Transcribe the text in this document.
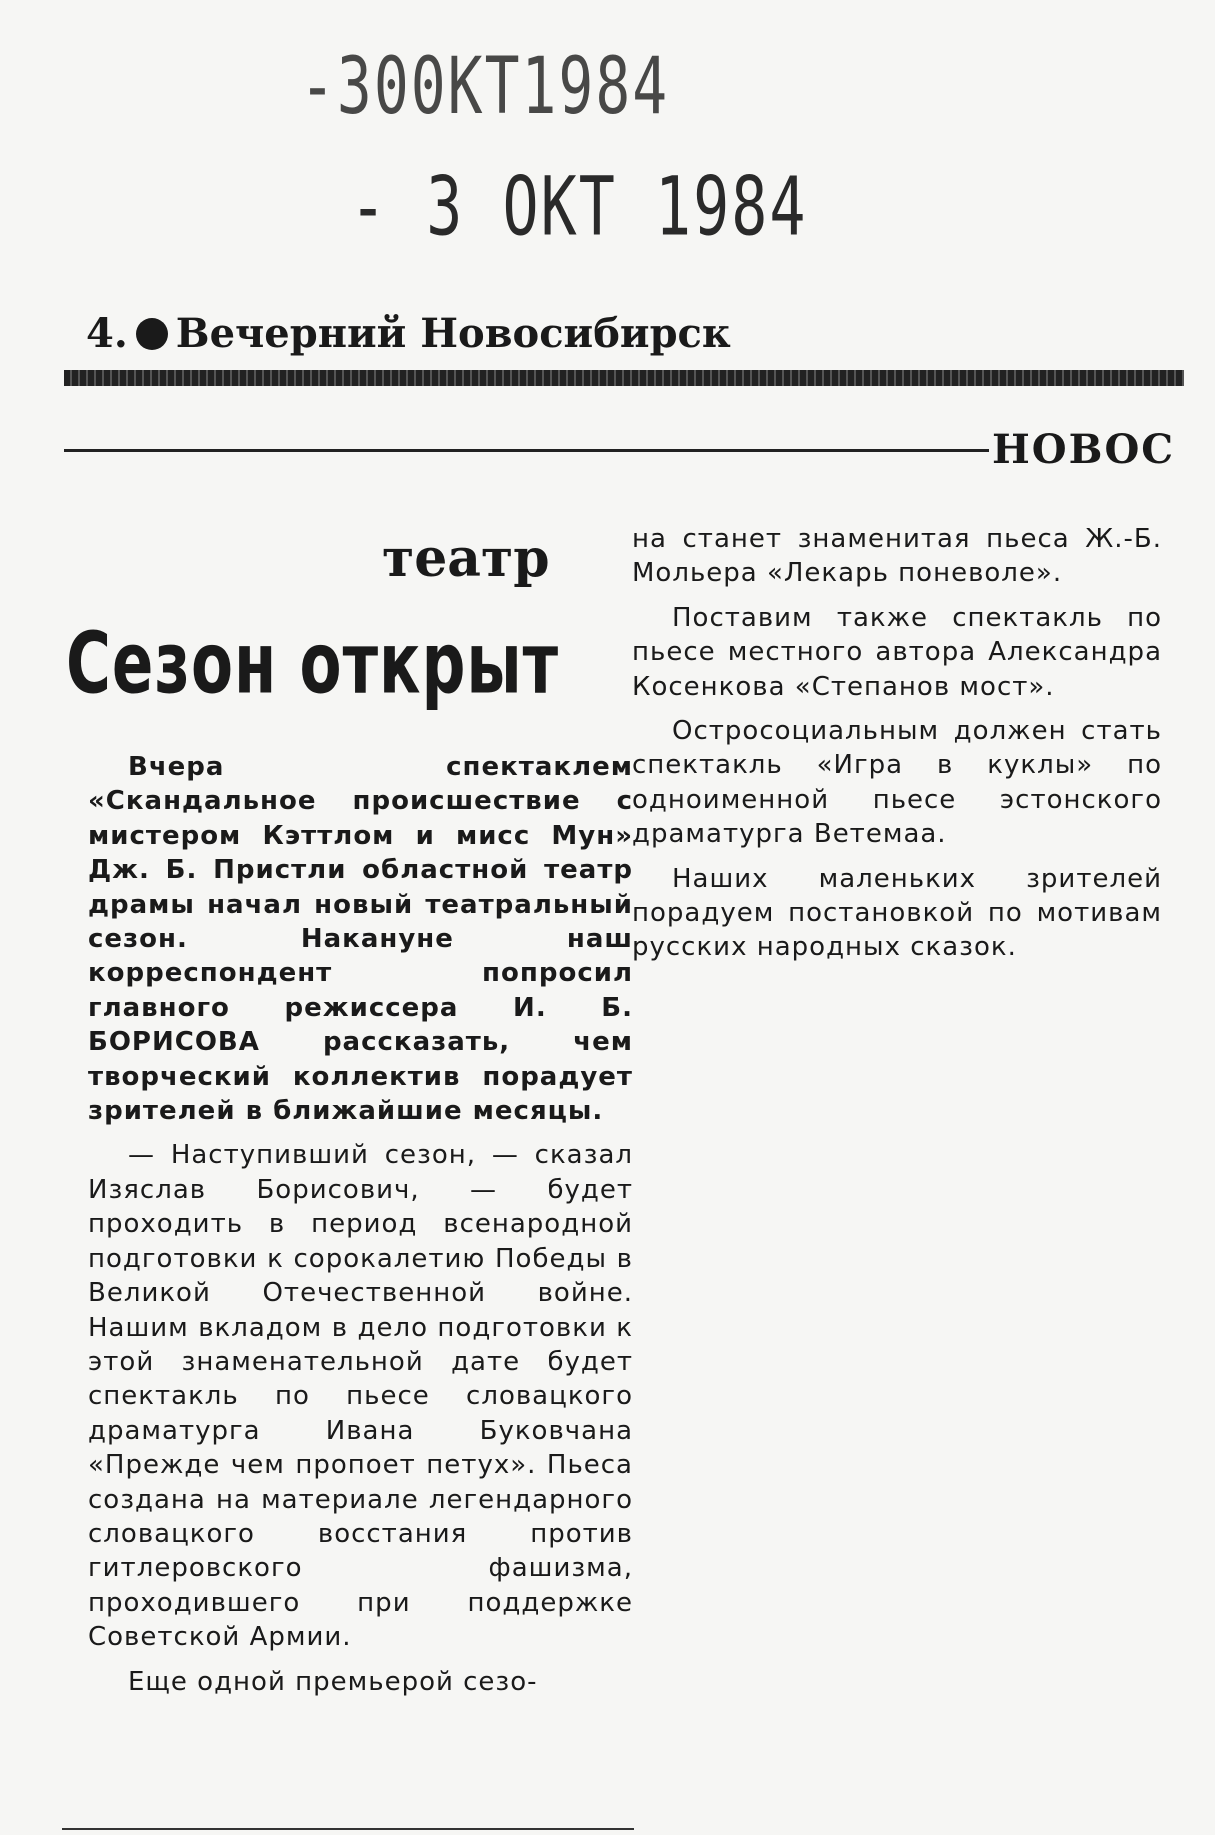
-300KT1984
- 3 OKT 1984
4. Вечерний Новосибирск
НОВОС
театр
Сезон открыт

Вчера спектаклем «Скандальное происшествие с мистером Кэттлом и мисс Мун» Дж. Б. Пристли областной театр драмы начал новый театральный сезон. Накануне наш корреспондент попросил главного режиссера И. Б. БОРИСОВА рассказать, чем творческий коллектив порадует зрителей в ближайшие месяцы.

— Наступивший сезон, — сказал Изяслав Борисович, — будет проходить в период всенародной подготовки к сорокалетию Победы в Великой Отечественной войне. Нашим вкладом в дело подготовки к этой знаменательной дате будет спектакль по пьесе словацкого драматурга Ивана Буковчана «Прежде чем пропоет петух». Пьеса создана на материале легендарного словацкого восстания против гитлеровского фашизма, проходившего при поддержке Советской Армии.

Еще одной премьерой сезо-

на станет знаменитая пьеса Ж.-Б. Мольера «Лекарь поневоле».

Поставим также спектакль по пьесе местного автора Александра Косенкова «Степанов мост».

Остросоциальным должен стать спектакль «Игра в куклы» по одноименной пьесе эстонского драматурга Ветемаа.

Наших маленьких зрителей порадуем постановкой по мотивам русских народных сказок.
